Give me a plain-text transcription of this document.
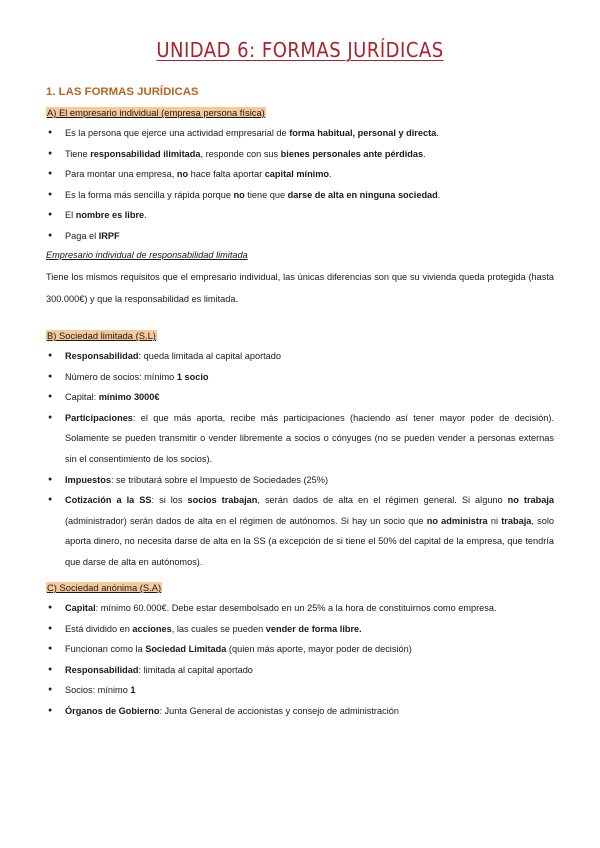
UNIDAD 6: FORMAS JURÍDICAS
1. LAS FORMAS JURÍDICAS
A) El empresario individual (empresa persona física)
● Es la persona que ejerce una actividad empresarial de forma habitual, personal y directa.
● Tiene responsabilidad ilimitada, responde con sus bienes personales ante pérdidas.
● Para montar una empresa, no hace falta aportar capital mínimo.
● Es la forma más sencilla y rápida porque no tiene que darse de alta en ninguna sociedad.
● El nombre es libre.
● Paga el IRPF
Empresario individual de responsabilidad limitada
Tiene los mismos requisitos que el empresario individual, las únicas diferencias son que su vivienda queda protegida (hasta 300.000€) y que la responsabilidad es limitada.
B) Sociedad limitada (S.L)
● Responsabilidad: queda limitada al capital aportado
● Número de socios: mínimo 1 socio
● Capital: mínimo 3000€
● Participaciones: el que más aporta, recibe más participaciones (haciendo así tener mayor poder de decisión). Solamente se pueden transmitir o vender libremente a socios o cónyuges (no se pueden vender a personas externas sin el consentimiento de los socios).
● Impuestos: se tributará sobre el Impuesto de Sociedades (25%)
● Cotización a la SS: si los socios trabajan, serán dados de alta en el régimen general. Si alguno no trabaja (administrador) serán dados de alta en el régimen de autónomos. Si hay un socio que no administra ni trabaja, solo aporta dinero, no necesita darse de alta en la SS (a excepción de si tiene el 50% del capital de la empresa, que tendría que darse de alta en autónomos).
C) Sociedad anónima (S.A)
● Capital: mínimo 60.000€. Debe estar desembolsado en un 25% a la hora de constituirnos como empresa.
● Está dividido en acciones, las cuales se pueden vender de forma libre.
● Funcionan como la Sociedad Limitada (quien más aporte, mayor poder de decisión)
● Responsabilidad: limitada al capital aportado
● Socios: mínimo 1
● Órganos de Gobierno: Junta General de accionistas y consejo de administración
